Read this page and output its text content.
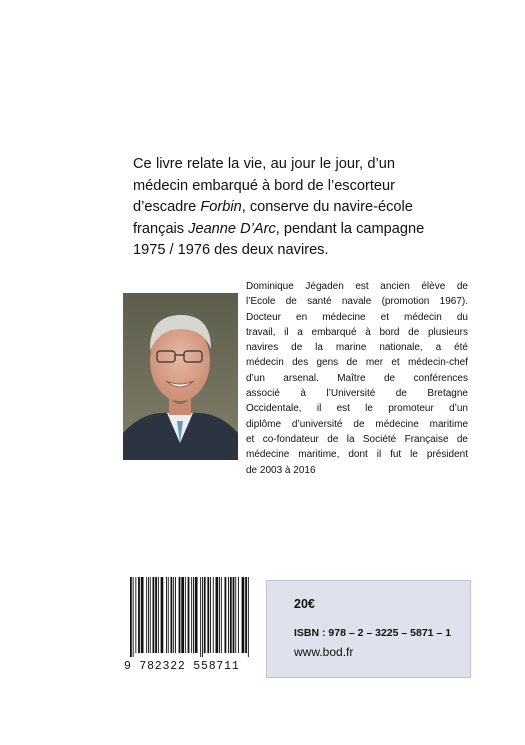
Ce livre relate la vie, au jour le jour, d’un
médecin embarqué à bord de l’escorteur
d’escadre Forbin, conserve du navire-école
français Jeanne D’Arc, pendant la campagne
1975 / 1976 des deux navires.
Dominique Jégaden est ancien élève de
l’Ecole de santé navale (promotion 1967).
Docteur en médecine et médecin du
travail, il a embarqué à bord de plusieurs
navires de la marine nationale, a été
médecin des gens de mer et médecin-chef
d’un arsenal. Maître de conférences
associé à l’Université de Bretagne
Occidentale, il est le promoteur d’un
diplôme d’université de médecine maritime
et co-fondateur de la Société Française de
médecine maritime, dont il fut le président
de 2003 à 2016
9 782322 558711
20€
ISBN : 978 – 2 – 3225 – 5871 – 1
www.bod.fr
